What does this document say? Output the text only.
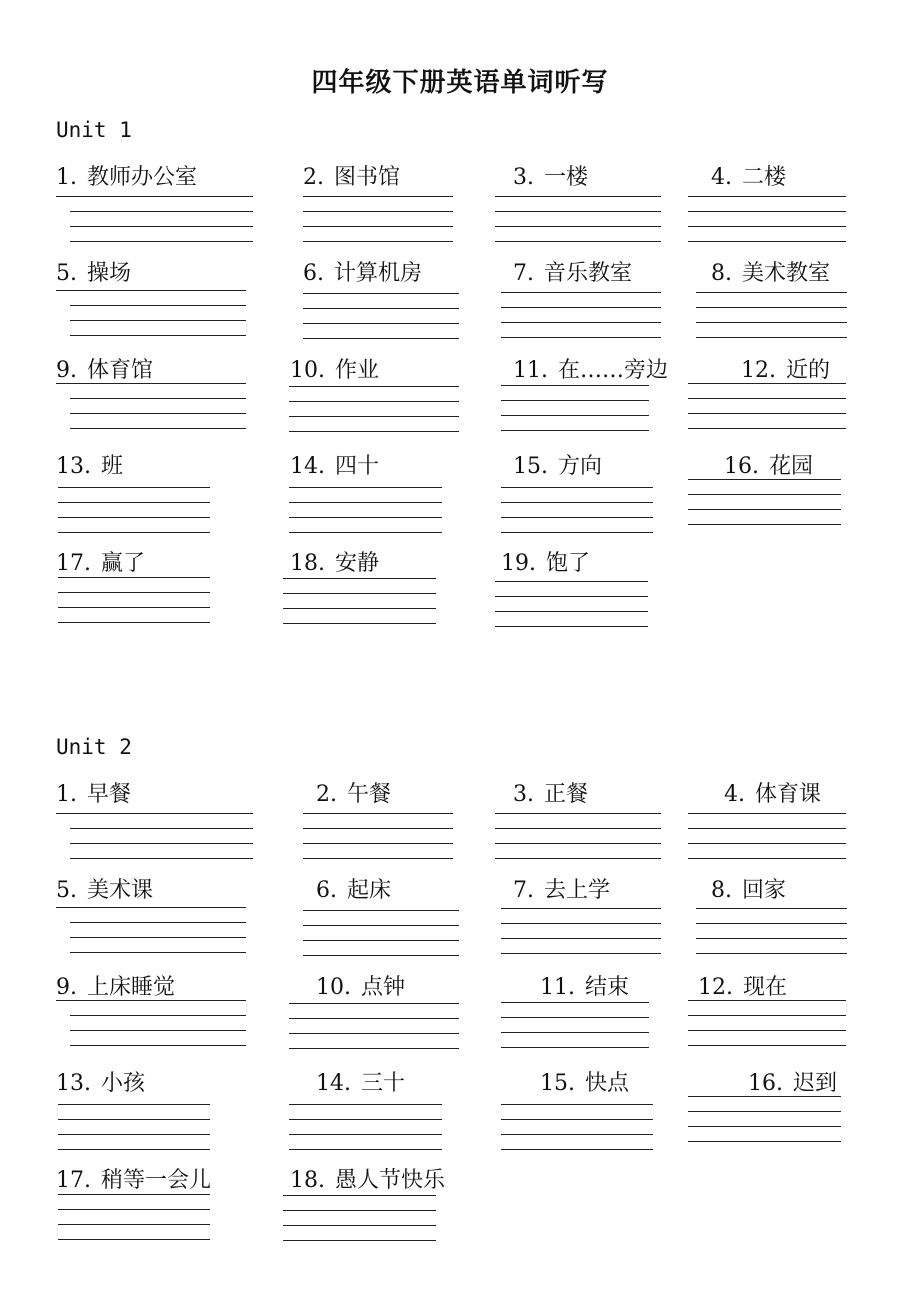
四年级下册英语单词听写
Unit 1
Unit 2
1. 教师办公室	2. 图书馆	3. 一楼	4. 二楼
5. 操场	6. 计算机房	7. 音乐教室	8. 美术教室
9. 体育馆	10. 作业	11. 在……旁边	12. 近的
13. 班	14. 四十	15. 方向	16. 花园
17. 赢了	18. 安静	19. 饱了
1. 早餐	2. 午餐	3. 正餐	4. 体育课
5. 美术课	6. 起床	7. 去上学	8. 回家
9. 上床睡觉	10. 点钟	11. 结束	12. 现在
13. 小孩	14. 三十	15. 快点	16. 迟到
17. 稍等一会儿	18. 愚人节快乐
